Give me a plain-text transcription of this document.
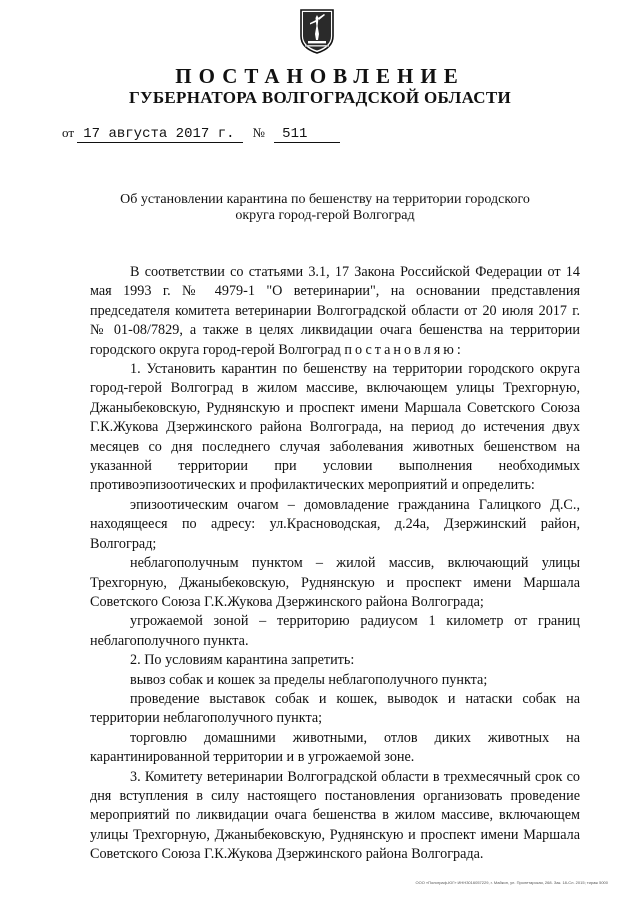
ПОСТАНОВЛЕНИЕ
ГУБЕРНАТОРА ВОЛГОГРАДСКОЙ ОБЛАСТИ
от 17 августа 2017 г. № 511
Об установлении карантина по бешенству на территории городского округа город-герой Волгоград

В соответствии со статьями 3.1, 17 Закона Российской Федерации от 14 мая 1993 г. № 4979-1 "О ветеринарии", на основании представления председателя комитета ветеринарии Волгоградской области от 20 июля 2017 г. № 01-08/7829, а также в целях ликвидации очага бешенства на территории городского округа город-герой Волгоград постановляю:

1. Установить карантин по бешенству на территории городского округа город-герой Волгоград в жилом массиве, включающем улицы Трехгорную, Джаныбековскую, Руднянскую и проспект имени Маршала Советского Союза Г.К.Жукова Дзержинского района Волгограда, на период до истечения двух месяцев со дня последнего случая заболевания животных бешенством на указанной территории при условии выполнения необходимых противоэпизоотических и профилактических мероприятий и определить:

эпизоотическим очагом – домовладение гражданина Галицкого Д.С., находящееся по адресу: ул.Красноводская, д.24а, Дзержинский район, Волгоград;

неблагополучным пунктом – жилой массив, включающий улицы Трехгорную, Джаныбековскую, Руднянскую и проспект имени Маршала Советского Союза Г.К.Жукова Дзержинского района Волгограда;

угрожаемой зоной – территорию радиусом 1 километр от границ неблагополучного пункта.

2. По условиям карантина запретить:

вывоз собак и кошек за пределы неблагополучного пункта;

проведение выставок собак и кошек, выводок и натаски собак на территории неблагополучного пункта;

торговлю домашними животными, отлов диких животных на карантинированной территории и в угрожаемой зоне.

3. Комитету ветеринарии Волгоградской области в трехмесячный срок со дня вступления в силу настоящего постановления организовать проведение мероприятий по ликвидации очага бешенства в жилом массиве, включающем улицы Трехгорную, Джаныбековскую, Руднянскую и проспект имени Маршала Советского Союза Г.К.Жукова Дзержинского района Волгограда.

ООО «Полиграф-ЮГ» ИНН3016057229, г. Майкоп, ул. Пролетарская, 268. Зак. 18-Сл. 2015; тираж 5000
